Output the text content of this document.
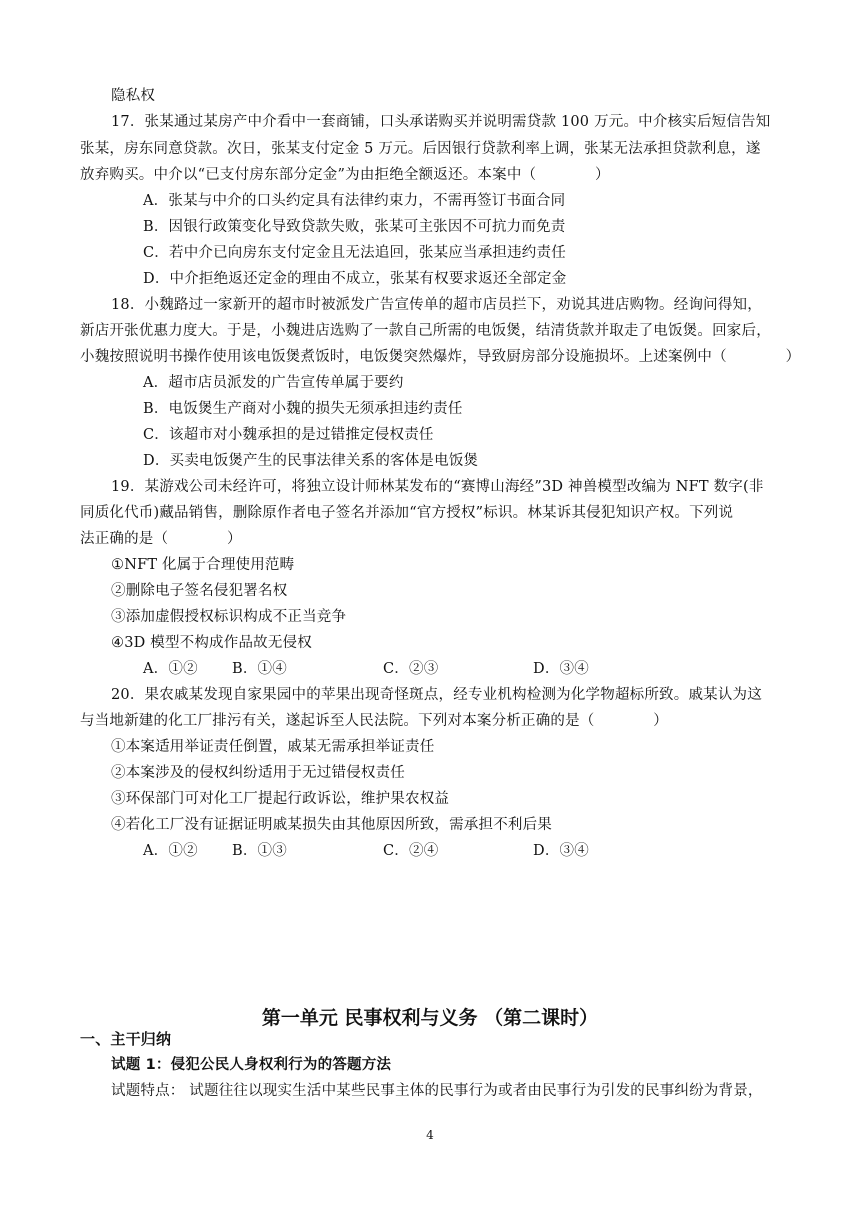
隐私权
17．张某通过某房产中介看中一套商铺，口头承诺购买并说明需贷款 100 万元。中介核实后短信告知
张某，房东同意贷款。次日，张某支付定金 5 万元。后因银行贷款利率上调，张某无法承担贷款利息，遂
放弃购买。中介以“已支付房东部分定金”为由拒绝全额返还。本案中（　　　　）
A．张某与中介的口头约定具有法律约束力，不需再签订书面合同
B．因银行政策变化导致贷款失败，张某可主张因不可抗力而免责
C．若中介已向房东支付定金且无法追回，张某应当承担违约责任
D．中介拒绝返还定金的理由不成立，张某有权要求返还全部定金
18．小魏路过一家新开的超市时被派发广告宣传单的超市店员拦下，劝说其进店购物。经询问得知，
新店开张优惠力度大。于是，小魏进店选购了一款自己所需的电饭煲，结清货款并取走了电饭煲。回家后，
小魏按照说明书操作使用该电饭煲煮饭时，电饭煲突然爆炸，导致厨房部分设施损坏。上述案例中（　　　　）
A．超市店员派发的广告宣传单属于要约
B．电饭煲生产商对小魏的损失无须承担违约责任
C．该超市对小魏承担的是过错推定侵权责任
D．买卖电饭煲产生的民事法律关系的客体是电饭煲
19．某游戏公司未经许可，将独立设计师林某发布的“赛博山海经”3D 神兽模型改编为 NFT 数字(非
同质化代币)藏品销售，删除原作者电子签名并添加“官方授权”标识。林某诉其侵犯知识产权。下列说
法正确的是（　　　　）
①NFT 化属于合理使用范畴
②删除电子签名侵犯署名权
③添加虚假授权标识构成不正当竞争
④3D 模型不构成作品故无侵权
A．①② B．①④	C．②③	D．③④
20．果农戚某发现自家果园中的苹果出现奇怪斑点，经专业机构检测为化学物超标所致。戚某认为这
与当地新建的化工厂排污有关，遂起诉至人民法院。下列对本案分析正确的是（　　　　）
①本案适用举证责任倒置，戚某无需承担举证责任
②本案涉及的侵权纠纷适用于无过错侵权责任
③环保部门可对化工厂提起行政诉讼，维护果农权益
④若化工厂没有证据证明戚某损失由其他原因所致，需承担不利后果
A．①② B．①③	C．②④	D．③④
第一单元 民事权利与义务 （第二课时）
一、主干归纳
试题 1：侵犯公民人身权利行为的答题方法
试题特点： 试题往往以现实生活中某些民事主体的民事行为或者由民事行为引发的民事纠纷为背景，
4
